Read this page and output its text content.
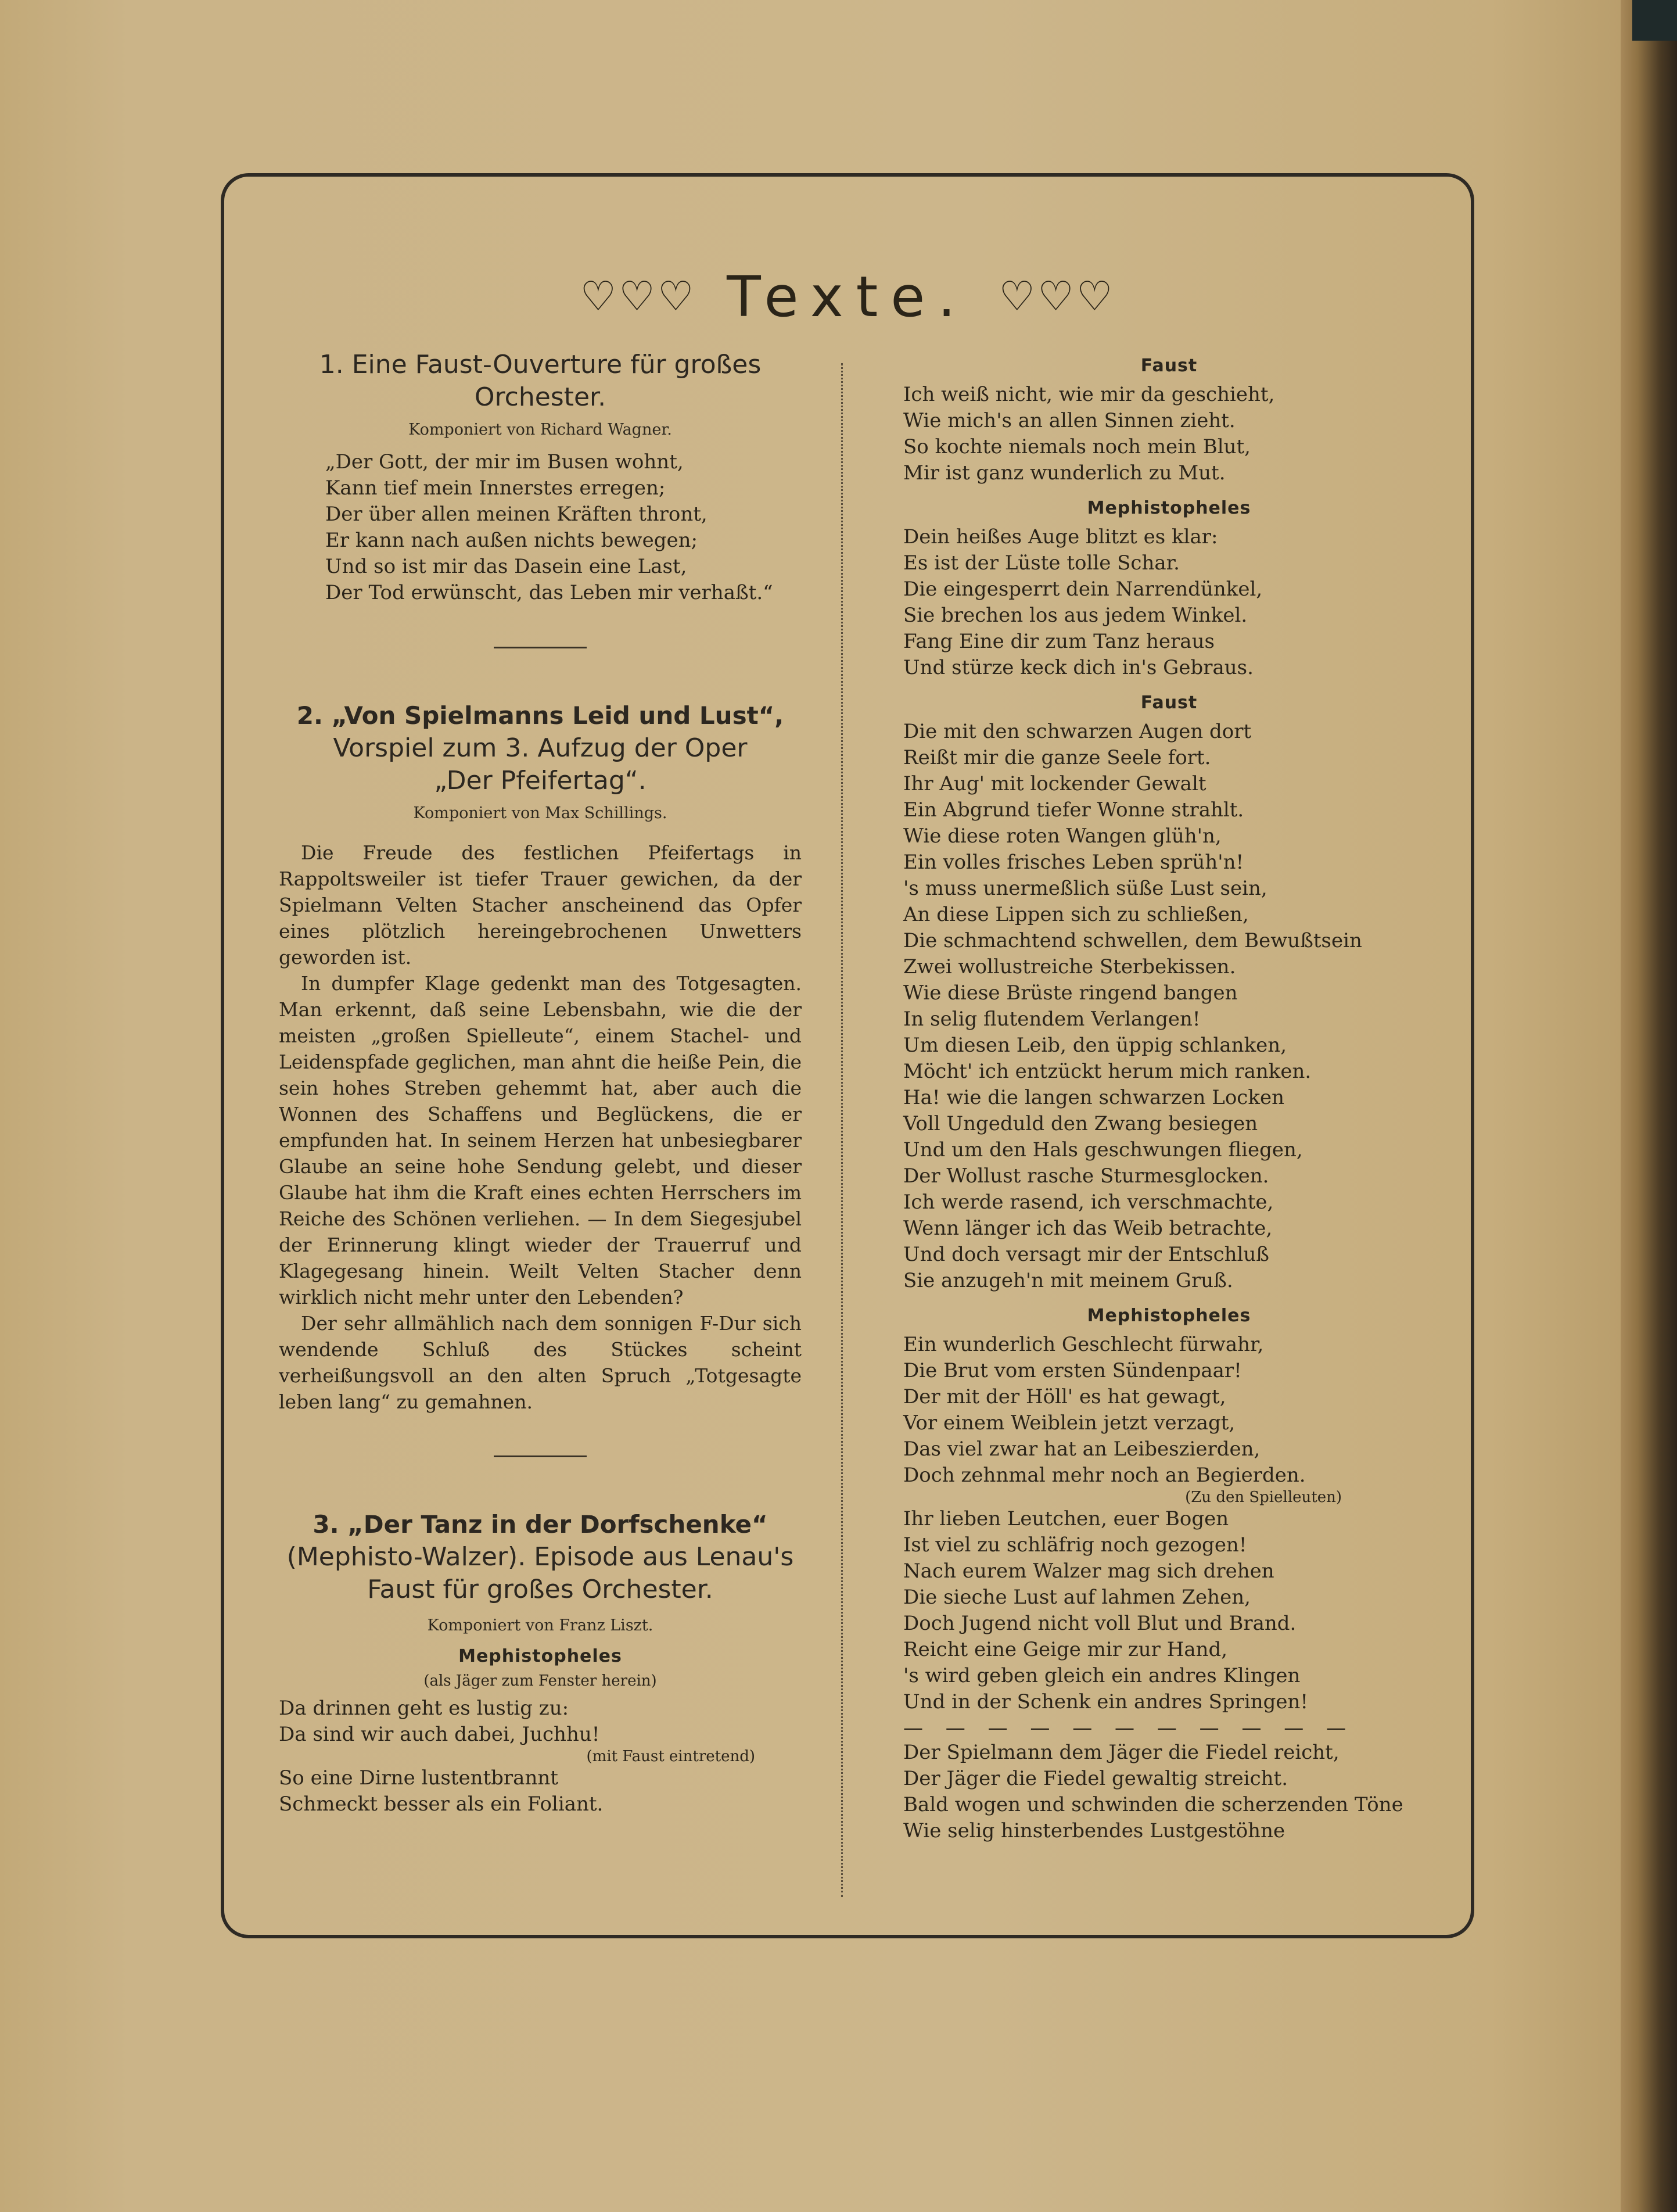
♡♡♡ Texte. ♡♡♡
1. Eine Faust-Ouverture für großes Orchester.
Komponiert von Richard Wagner.

„Der Gott, der mir im Busen wohnt,
Kann tief mein Innerstes erregen;
Der über allen meinen Kräften thront,
Er kann nach außen nichts bewegen;
Und so ist mir das Dasein eine Last,
Der Tod erwünscht, das Leben mir verhaßt.“

2. „Von Spielmanns Leid und Lust“,
Vorspiel zum 3. Aufzug der Oper
„Der Pfeifertag“.
Komponiert von Max Schillings.

Die Freude des festlichen Pfeifertags in Rappoltsweiler ist tiefer Trauer gewichen, da der Spielmann Velten Stacher anscheinend das Opfer eines plötzlich hereingebrochenen Unwetters geworden ist.

In dumpfer Klage gedenkt man des Totgesagten. Man erkennt, daß seine Lebensbahn, wie die der meisten „großen Spielleute“, einem Stachel- und Leidenspfade geglichen, man ahnt die heiße Pein, die sein hohes Streben gehemmt hat, aber auch die Wonnen des Schaffens und Beglückens, die er empfunden hat. In seinem Herzen hat unbesiegbarer Glaube an seine hohe Sendung gelebt, und dieser Glaube hat ihm die Kraft eines echten Herrschers im Reiche des Schönen verliehen. — In dem Siegesjubel der Erinnerung klingt wieder der Trauerruf und Klagegesang hinein. Weilt Velten Stacher denn wirklich nicht mehr unter den Lebenden?

Der sehr allmählich nach dem sonnigen F-Dur sich wendende Schluß des Stückes scheint verheißungsvoll an den alten Spruch „Totgesagte leben lang“ zu gemahnen.

3. „Der Tanz in der Dorfschenke“
(Mephisto-Walzer). Episode aus Lenau's
Faust für großes Orchester.
Komponiert von Franz Liszt.
Mephistopheles
(als Jäger zum Fenster herein)

Da drinnen geht es lustig zu:
Da sind wir auch dabei, Juchhu!

(mit Faust eintretend)

So eine Dirne lustentbrannt
Schmeckt besser als ein Foliant.

Faust

Ich weiß nicht, wie mir da geschieht,
Wie mich's an allen Sinnen zieht.
So kochte niemals noch mein Blut,
Mir ist ganz wunderlich zu Mut.

Mephistopheles

Dein heißes Auge blitzt es klar:
Es ist der Lüste tolle Schar.
Die eingesperrt dein Narrendünkel,
Sie brechen los aus jedem Winkel.
Fang Eine dir zum Tanz heraus
Und stürze keck dich in's Gebraus.

Faust

Die mit den schwarzen Augen dort
Reißt mir die ganze Seele fort.
Ihr Aug' mit lockender Gewalt
Ein Abgrund tiefer Wonne strahlt.
Wie diese roten Wangen glüh'n,
Ein volles frisches Leben sprüh'n!
's muss unermeßlich süße Lust sein,
An diese Lippen sich zu schließen,
Die schmachtend schwellen, dem Bewußtsein
Zwei wollustreiche Sterbekissen.
Wie diese Brüste ringend bangen
In selig flutendem Verlangen!
Um diesen Leib, den üppig schlanken,
Möcht' ich entzückt herum mich ranken.
Ha! wie die langen schwarzen Locken
Voll Ungeduld den Zwang besiegen
Und um den Hals geschwungen fliegen,
Der Wollust rasche Sturmesglocken.
Ich werde rasend, ich verschmachte,
Wenn länger ich das Weib betrachte,
Und doch versagt mir der Entschluß
Sie anzugeh'n mit meinem Gruß.

Mephistopheles

Ein wunderlich Geschlecht fürwahr,
Die Brut vom ersten Sündenpaar!
Der mit der Höll' es hat gewagt,
Vor einem Weiblein jetzt verzagt,
Das viel zwar hat an Leibeszierden,
Doch zehnmal mehr noch an Begierden.

(Zu den Spielleuten)

Ihr lieben Leutchen, euer Bogen
Ist viel zu schläfrig noch gezogen!
Nach eurem Walzer mag sich drehen
Die sieche Lust auf lahmen Zehen,
Doch Jugend nicht voll Blut und Brand.
Reicht eine Geige mir zur Hand,
's wird geben gleich ein andres Klingen
Und in der Schenk ein andres Springen!

— — — — — — — — — — —

Der Spielmann dem Jäger die Fiedel reicht,
Der Jäger die Fiedel gewaltig streicht.
Bald wogen und schwinden die scherzenden Töne
Wie selig hinsterbendes Lustgestöhne
